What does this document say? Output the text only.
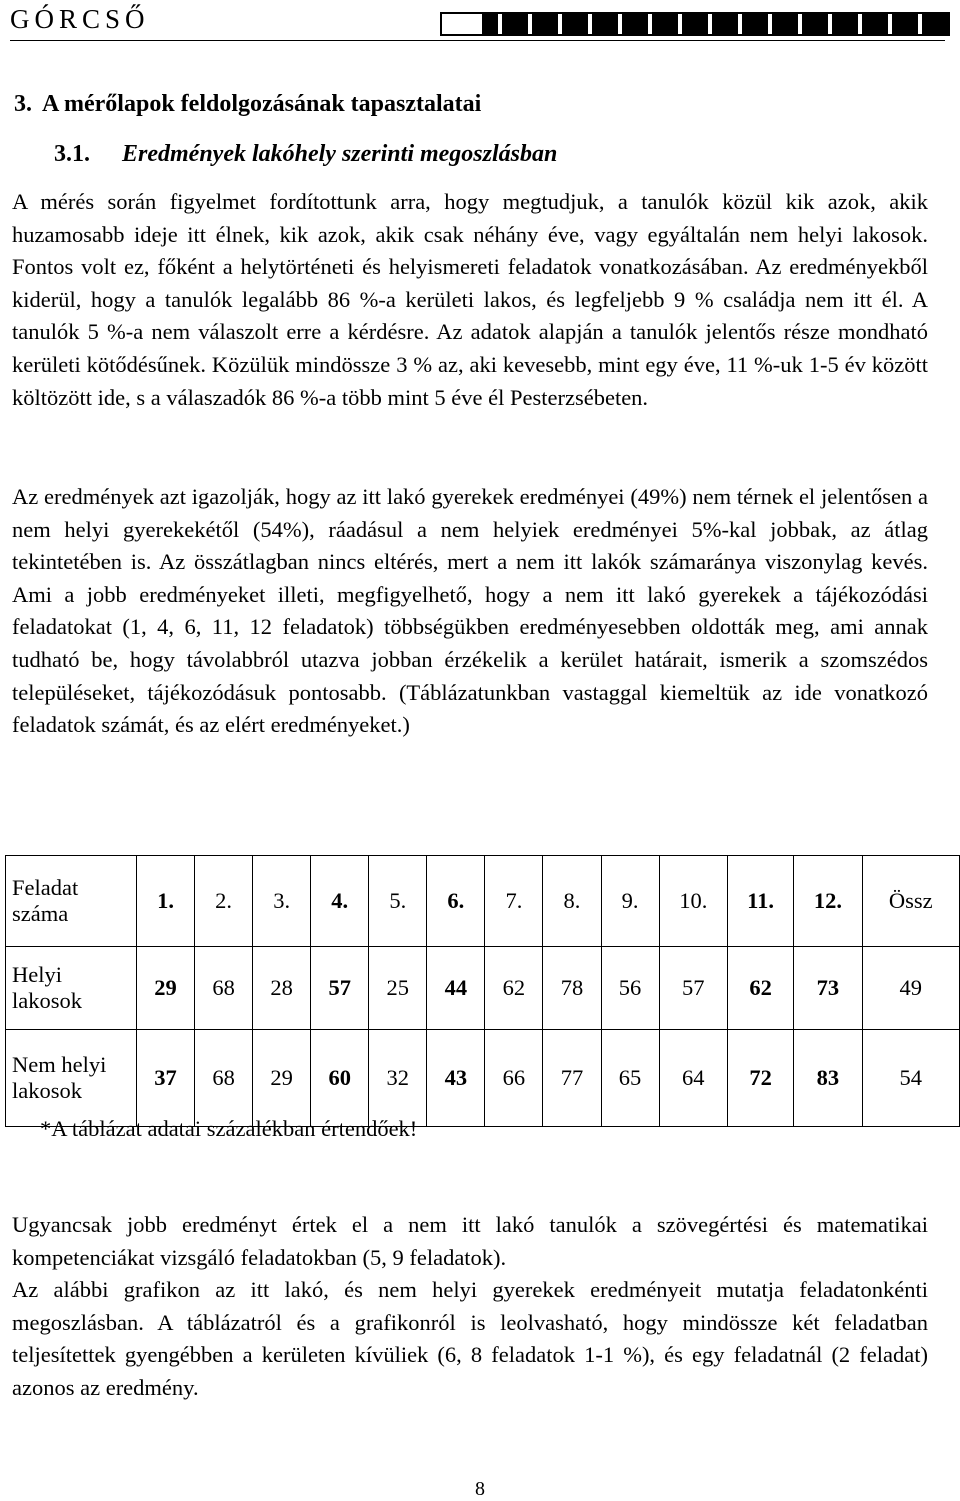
GÓRCSŐ
3. A mérőlapok feldolgozásának tapasztalatai
3.1. Eredmények lakóhely szerinti megoszlásban

A mérés során figyelmet fordítottunk arra, hogy megtudjuk, a tanulók közül kik azok, akik huzamosabb ideje itt élnek, kik azok, akik csak néhány éve, vagy egyáltalán nem helyi lakosok. Fontos volt ez, főként a helytörténeti és helyismereti feladatok vonatkozásában. Az eredményekből kiderül, hogy a tanulók legalább 86 %-a kerületi lakos, és legfeljebb 9 % családja nem itt él. A tanulók 5 %-a nem válaszolt erre a kérdésre. Az adatok alapján a tanulók jelentős része mondható kerületi kötődésűnek. Közülük mindössze 3 % az, aki kevesebb, mint egy éve, 11 %-uk 1-5 év között költözött ide, s a válaszadók 86 %-a több mint 5 éve él Pesterzsébeten.

Az eredmények azt igazolják, hogy az itt lakó gyerekek eredményei (49%) nem térnek el jelentősen a nem helyi gyerekekétől (54%), ráadásul a nem helyiek eredményei 5%-kal jobbak, az átlag tekintetében is. Az összátlagban nincs eltérés, mert a nem itt lakók számaránya viszonylag kevés. Ami a jobb eredményeket illeti, megfigyelhető, hogy a nem itt lakó gyerekek a tájékozódási feladatokat (1, 4, 6, 11, 12 feladatok) többségükben eredményesebben oldották meg, ami annak tudható be, hogy távolabbról utazva jobban érzékelik a kerület határait, ismerik a szomszédos településeket, tájékozódásuk pontosabb. (Táblázatunkban vastaggal kiemeltük az ide vonatkozó feladatok számát, és az elért eredményeket.)

Feladat száma	1.	2.	3.	4.	5.	6.	7.	8.	9.	10.	11.	12.	Össz
Helyi lakosok	29	68	28	57	25	44	62	78	56	57	62	73	49
Nem helyi lakosok	37	68	29	60	32	43	66	77	65	64	72	83	54
*A táblázat adatai százalékban értendőek!

Ugyancsak jobb eredményt értek el a nem itt lakó tanulók a szövegértési és matematikai kompetenciákat vizsgáló feladatokban (5, 9 feladatok).

Az alábbi grafikon az itt lakó, és nem helyi gyerekek eredményeit mutatja feladatonkénti megoszlásban. A táblázatról és a grafikonról is leolvasható, hogy mindössze két feladatban teljesítettek gyengébben a kerületen kívüliek (6, 8 feladatok 1-1 %), és egy feladatnál (2 feladat) azonos az eredmény.

8
